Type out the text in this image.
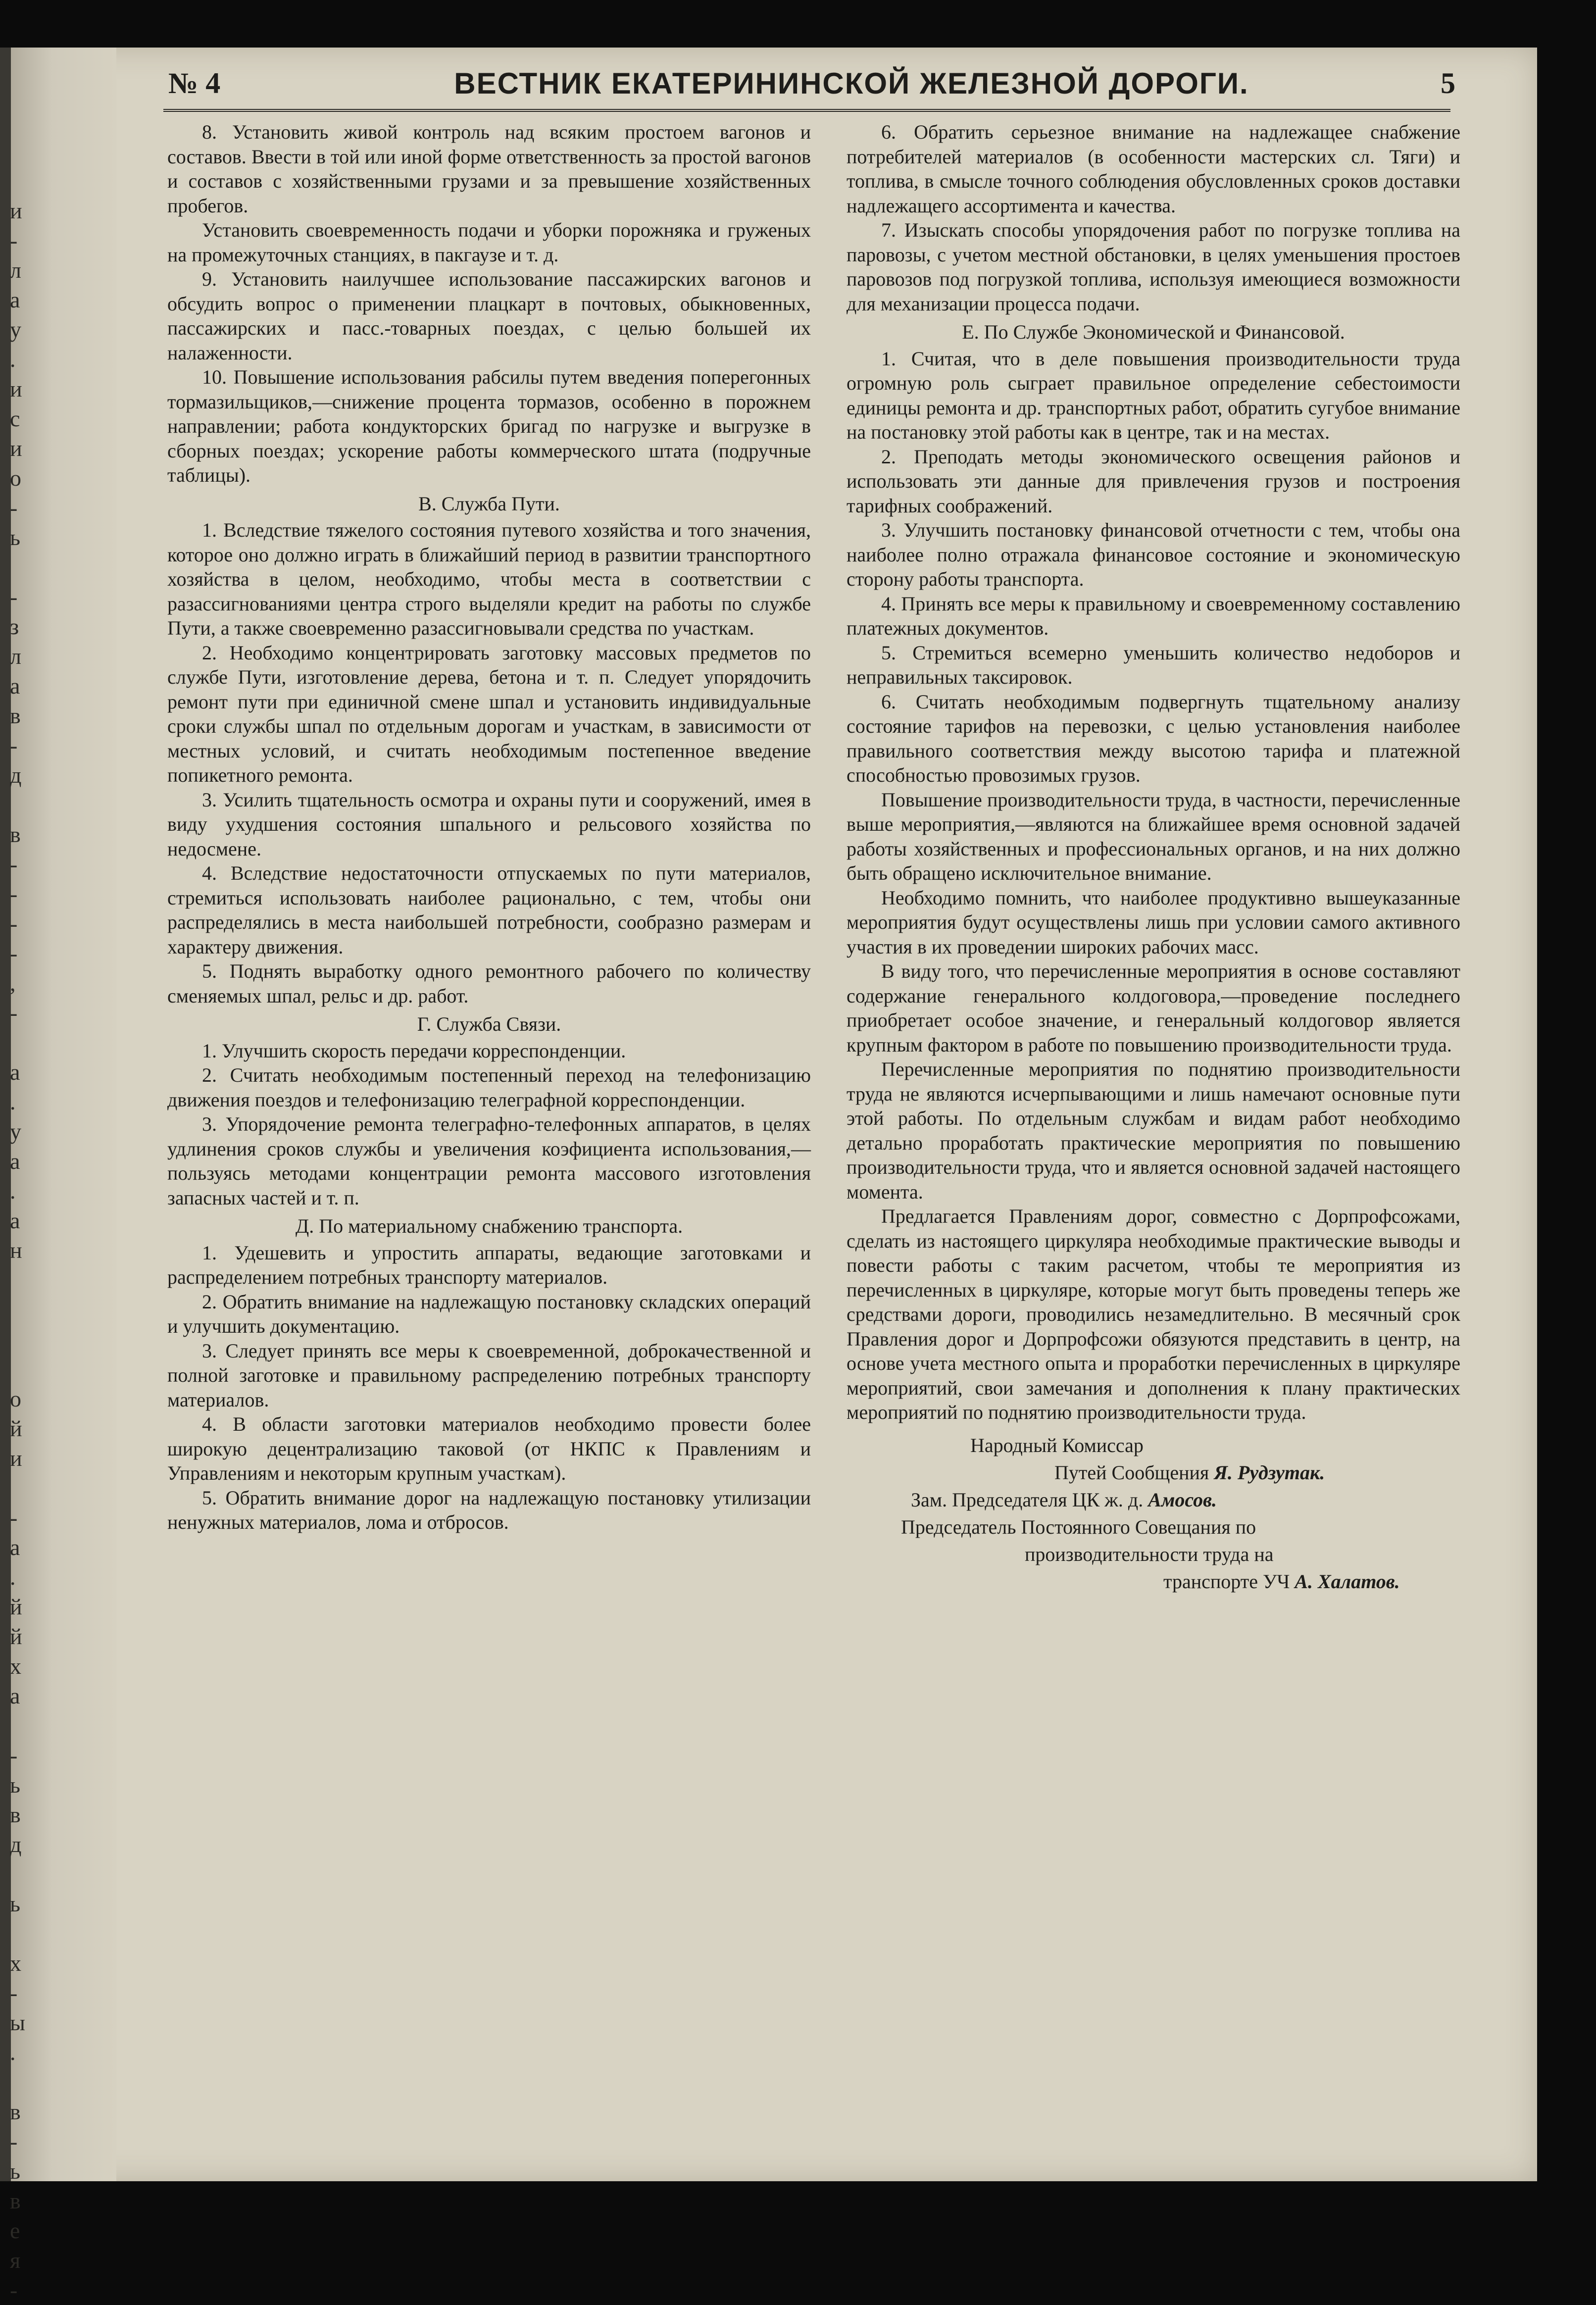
и
-
л
а
у
.
и
с
и
о
-
ь
-
з
л
а
в
-
д
в
-
-
-
-
,
-
а
.
у
а
.
а
н
о
й
и
-
а
.
й
й
х
а
-
ь
в
д
ь
х
-
ы
.
в
-
ь
в
е
я
-
№ 4	ВЕСТНИК ЕКАТЕРИНИНСКОЙ ЖЕЛЕЗНОЙ ДОРОГИ.	5

8. Установить живой контроль над всяким простоем вагонов и составов. Ввести в той или иной форме ответственность за простой вагонов и составов с хозяйственными грузами и за превышение хозяйственных пробегов.

Установить своевременность подачи и уборки порожняка и груженых на промежуточных станциях, в пакгаузе и т. д.

9. Установить наилучшее использование пассажирских вагонов и обсудить вопрос о применении плацкарт в почтовых, обыкновенных, пассажирских и пасс.-товарных поездах, с целью большей их налаженности.

10. Повышение использования рабсилы путем введения поперегонных тормазильщиков,—снижение процента тормазов, особенно в порожнем направлении; работа кондукторских бригад по нагрузке и выгрузке в сборных поездах; ускорение работы коммерческого штата (подручные таблицы).

В. Служба Пути.

1. Вследствие тяжелого состояния путевого хозяйства и того значения, которое оно должно играть в ближайший период в развитии транспортного хозяйства в целом, необходимо, чтобы места в соответствии с разассигнованиями центра строго выделяли кредит на работы по службе Пути, а также своевременно разассигновывали средства по участкам.

2. Необходимо концентрировать заготовку массовых предметов по службе Пути, изготовление дерева, бетона и т. п. Следует упорядочить ремонт пути при единичной смене шпал и установить индивидуальные сроки службы шпал по отдельным дорогам и участкам, в зависимости от местных условий, и считать необходимым постепенное введение попикетного ремонта.

3. Усилить тщательность осмотра и охраны пути и сооружений, имея в виду ухудшения состояния шпального и рельсового хозяйства по недосмене.

4. Вследствие недостаточности отпускаемых по пути материалов, стремиться использовать наиболее рационально, с тем, чтобы они распределялись в места наибольшей потребности, сообразно размерам и характеру движения.

5. Поднять выработку одного ремонтного рабочего по количеству сменяемых шпал, рельс и др. работ.

Г. Служба Связи.

1. Улучшить скорость передачи корреспонденции.

2. Считать необходимым постепенный переход на телефонизацию движения поездов и телефонизацию телеграфной корреспонденции.

3. Упорядочение ремонта телеграфно-телефонных аппаратов, в целях удлинения сроков службы и увеличения коэфициента использования,—пользуясь методами концентрации ремонта массового изготовления запасных частей и т. п.

Д. По материальному снабжению транспорта.

1. Удешевить и упростить аппараты, ведающие заготовками и распределением потребных транспорту материалов.

2. Обратить внимание на надлежащую постановку складских операций и улучшить документацию.

3. Следует принять все меры к своевременной, доброкачественной и полной заготовке и правильному распределению потребных транспорту материалов.

4. В области заготовки материалов необходимо провести более широкую децентрализацию таковой (от НКПС к Правлениям и Управлениям и некоторым крупным участкам).

5. Обратить внимание дорог на надлежащую постановку утилизации ненужных материалов, лома и отбросов.

6. Обратить серьезное внимание на надлежащее снабжение потребителей материалов (в особенности мастерских сл. Тяги) и топлива, в смысле точного соблюдения обусловленных сроков доставки надлежащего ассортимента и качества.

7. Изыскать способы упорядочения работ по погрузке топлива на паровозы, с учетом местной обстановки, в целях уменьшения простоев паровозов под погрузкой топлива, используя имеющиеся возможности для механизации процесса подачи.

Е. По Службе Экономической и Финансовой.

1. Считая, что в деле повышения производительности труда огромную роль сыграет правильное определение себестоимости единицы ремонта и др. транспортных работ, обратить сугубое внимание на постановку этой работы как в центре, так и на местах.

2. Преподать методы экономического освещения районов и использовать эти данные для привлечения грузов и построения тарифных соображений.

3. Улучшить постановку финансовой отчетности с тем, чтобы она наиболее полно отражала финансовое состояние и экономическую сторону работы транспорта.

4. Принять все меры к правильному и своевременному составлению платежных документов.

5. Стремиться всемерно уменьшить количество недоборов и неправильных таксировок.

6. Считать необходимым подвергнуть тщательному анализу состояние тарифов на перевозки, с целью установления наиболее правильного соответствия между высотою тарифа и платежной способностью провозимых грузов.

Повышение производительности труда, в частности, перечисленные выше мероприятия,—являются на ближайшее время основной задачей работы хозяйственных и профессиональных органов, и на них должно быть обращено исключительное внимание.

Необходимо помнить, что наиболее продуктивно вышеуказанные мероприятия будут осуществлены лишь при условии самого активного участия в их проведении широких рабочих масс.

В виду того, что перечисленные мероприятия в основе составляют содержание генерального колдоговора,—проведение последнего приобретает особое значение, и генеральный колдоговор является крупным фактором в работе по повышению производительности труда.

Перечисленные мероприятия по поднятию производительности труда не являются исчерпывающими и лишь намечают основные пути этой работы. По отдельным службам и видам работ необходимо детально проработать практические мероприятия по повышению производительности труда, что и является основной задачей настоящего момента.

Предлагается Правлениям дорог, совместно с Дорпрофсожами, сделать из настоящего циркуляра необходимые практические выводы и повести работы с таким расчетом, чтобы те мероприятия из перечисленных в циркуляре, которые могут быть проведены теперь же средствами дороги, проводились незамедлительно. В месячный срок Правления дорог и Дорпрофсожи обязуются представить в центр, на основе учета местного опыта и проработки перечисленных в циркуляре мероприятий, свои замечания и дополнения к плану практических мероприятий по поднятию производительности труда.

Народный Комиссар
Путей Сообщения Я. Рудзутак.
Зам. Председателя ЦК ж. д. Амосов.
Председатель Постоянного Совещания по
производительности труда на
транспорте УЧ А. Халатов.
